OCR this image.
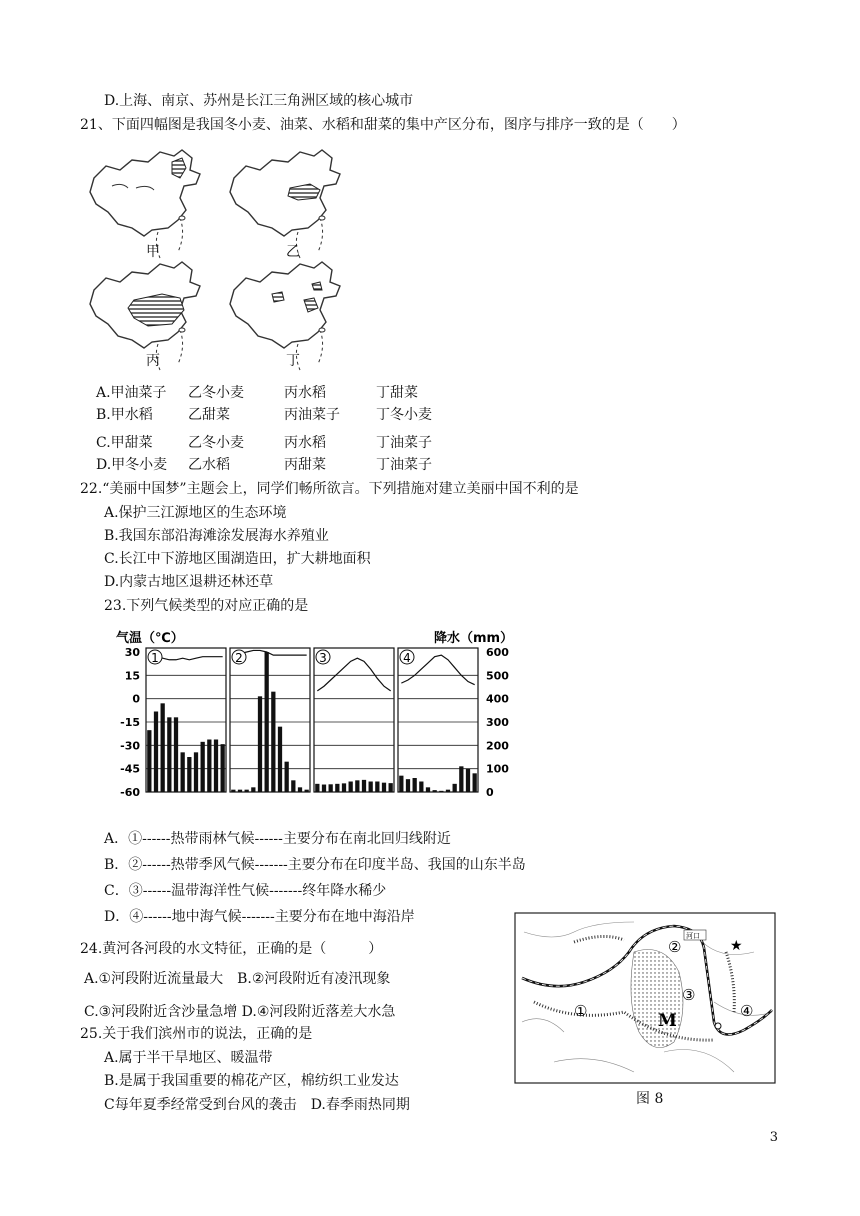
D.上海、南京、苏州是长江三角洲区域的核心城市
21、下面四幅图是我国冬小麦、油菜、水稻和甜菜的集中产区分布，图序与排序一致的是（　　）
甲	乙
丙	丁
A.甲油菜子 乙冬小麦	丙水稻	丁甜菜
B.甲水稻	乙甜菜	丙油菜子	丁冬小麦
C.甲甜菜	乙冬小麦	丙水稻	丁油菜子
D.甲冬小麦 乙水稻	丙甜菜	丁油菜子
22.“美丽中国梦”主题会上，同学们畅所欲言。下列措施对建立美丽中国不利的是
A.保护三江源地区的生态环境
B.我国东部沿海滩涂发展海水养殖业
C.长江中下游地区围湖造田，扩大耕地面积
D.内蒙古地区退耕还林还草
23.下列气候类型的对应正确的是
气温（℃）	降水（mm）
30
15
0
-15
-30
-45
-60
600
500
400
300
200
100
0
1	2	3	4
A．①------热带雨林气候------主要分布在南北回归线附近
B．②------热带季风气候-------主要分布在印度半岛、我国的山东半岛
C．③------温带海洋性气候-------终年降水稀少
D．④------地中海气候-------主要分布在地中海沿岸
24.黄河各河段的水文特征，正确的是（　　　）
A.①河段附近流量最大　B.②河段附近有凌汛现象
C.③河段附近含沙量急增 D.④河段附近落差大水急
25.关于我们滨州市的说法，正确的是
A.属于半干旱地区、暖温带
B.是属于我国重要的棉花产区，棉纺织工业发达
C每年夏季经常受到台风的袭击　D.春季雨热同期
①
②
③
④
M
河口
★
图 8
3
